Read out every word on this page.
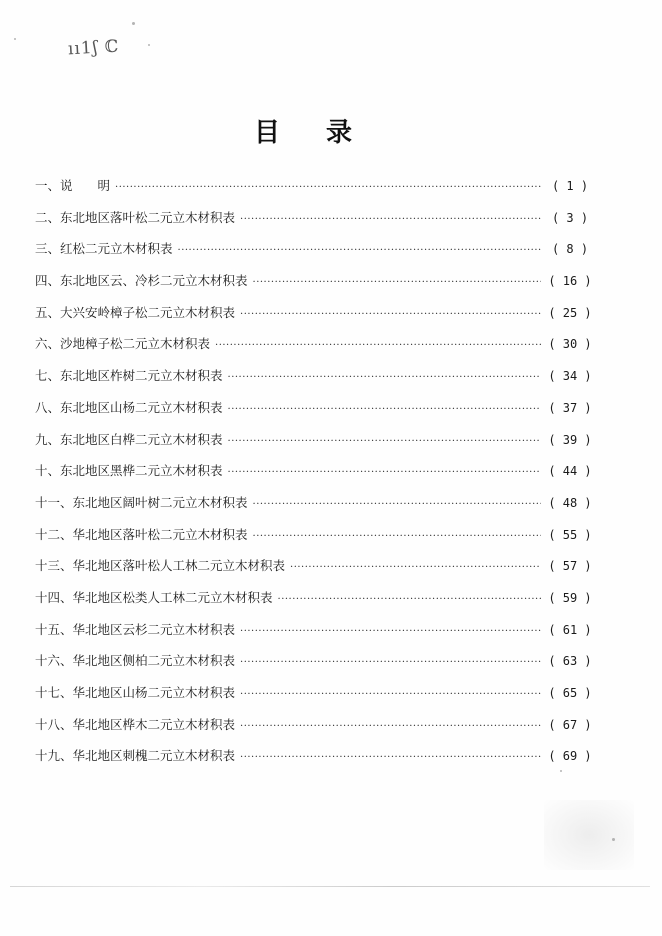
ıı1ʃ ℂ
目 录
一、说　　明 ·····	( 1 )
二、东北地区落叶松二元立木材积表 ·····	( 3 )
三、红松二元立木材积表 ·····	( 8 )
四、东北地区云、冷杉二元立木材积表 ·····	( 16 )
五、大兴安岭樟子松二元立木材积表 ·····	( 25 )
六、沙地樟子松二元立木材积表 ·····	( 30 )
七、东北地区柞树二元立木材积表 ·····	( 34 )
八、东北地区山杨二元立木材积表 ·····	( 37 )
九、东北地区白桦二元立木材积表 ·····	( 39 )
十、东北地区黑桦二元立木材积表 ·····	( 44 )
十一、东北地区阔叶树二元立木材积表 ·····	( 48 )
十二、华北地区落叶松二元立木材积表 ·····	( 55 )
十三、华北地区落叶松人工林二元立木材积表 ·····	( 57 )
十四、华北地区松类人工林二元立木材积表 ·····	( 59 )
十五、华北地区云杉二元立木材积表 ·····	( 61 )
十六、华北地区侧柏二元立木材积表 ·····	( 63 )
十七、华北地区山杨二元立木材积表 ·····	( 65 )
十八、华北地区桦木二元立木材积表 ·····	( 67 )
十九、华北地区刺槐二元立木材积表 ·····	( 69 )
